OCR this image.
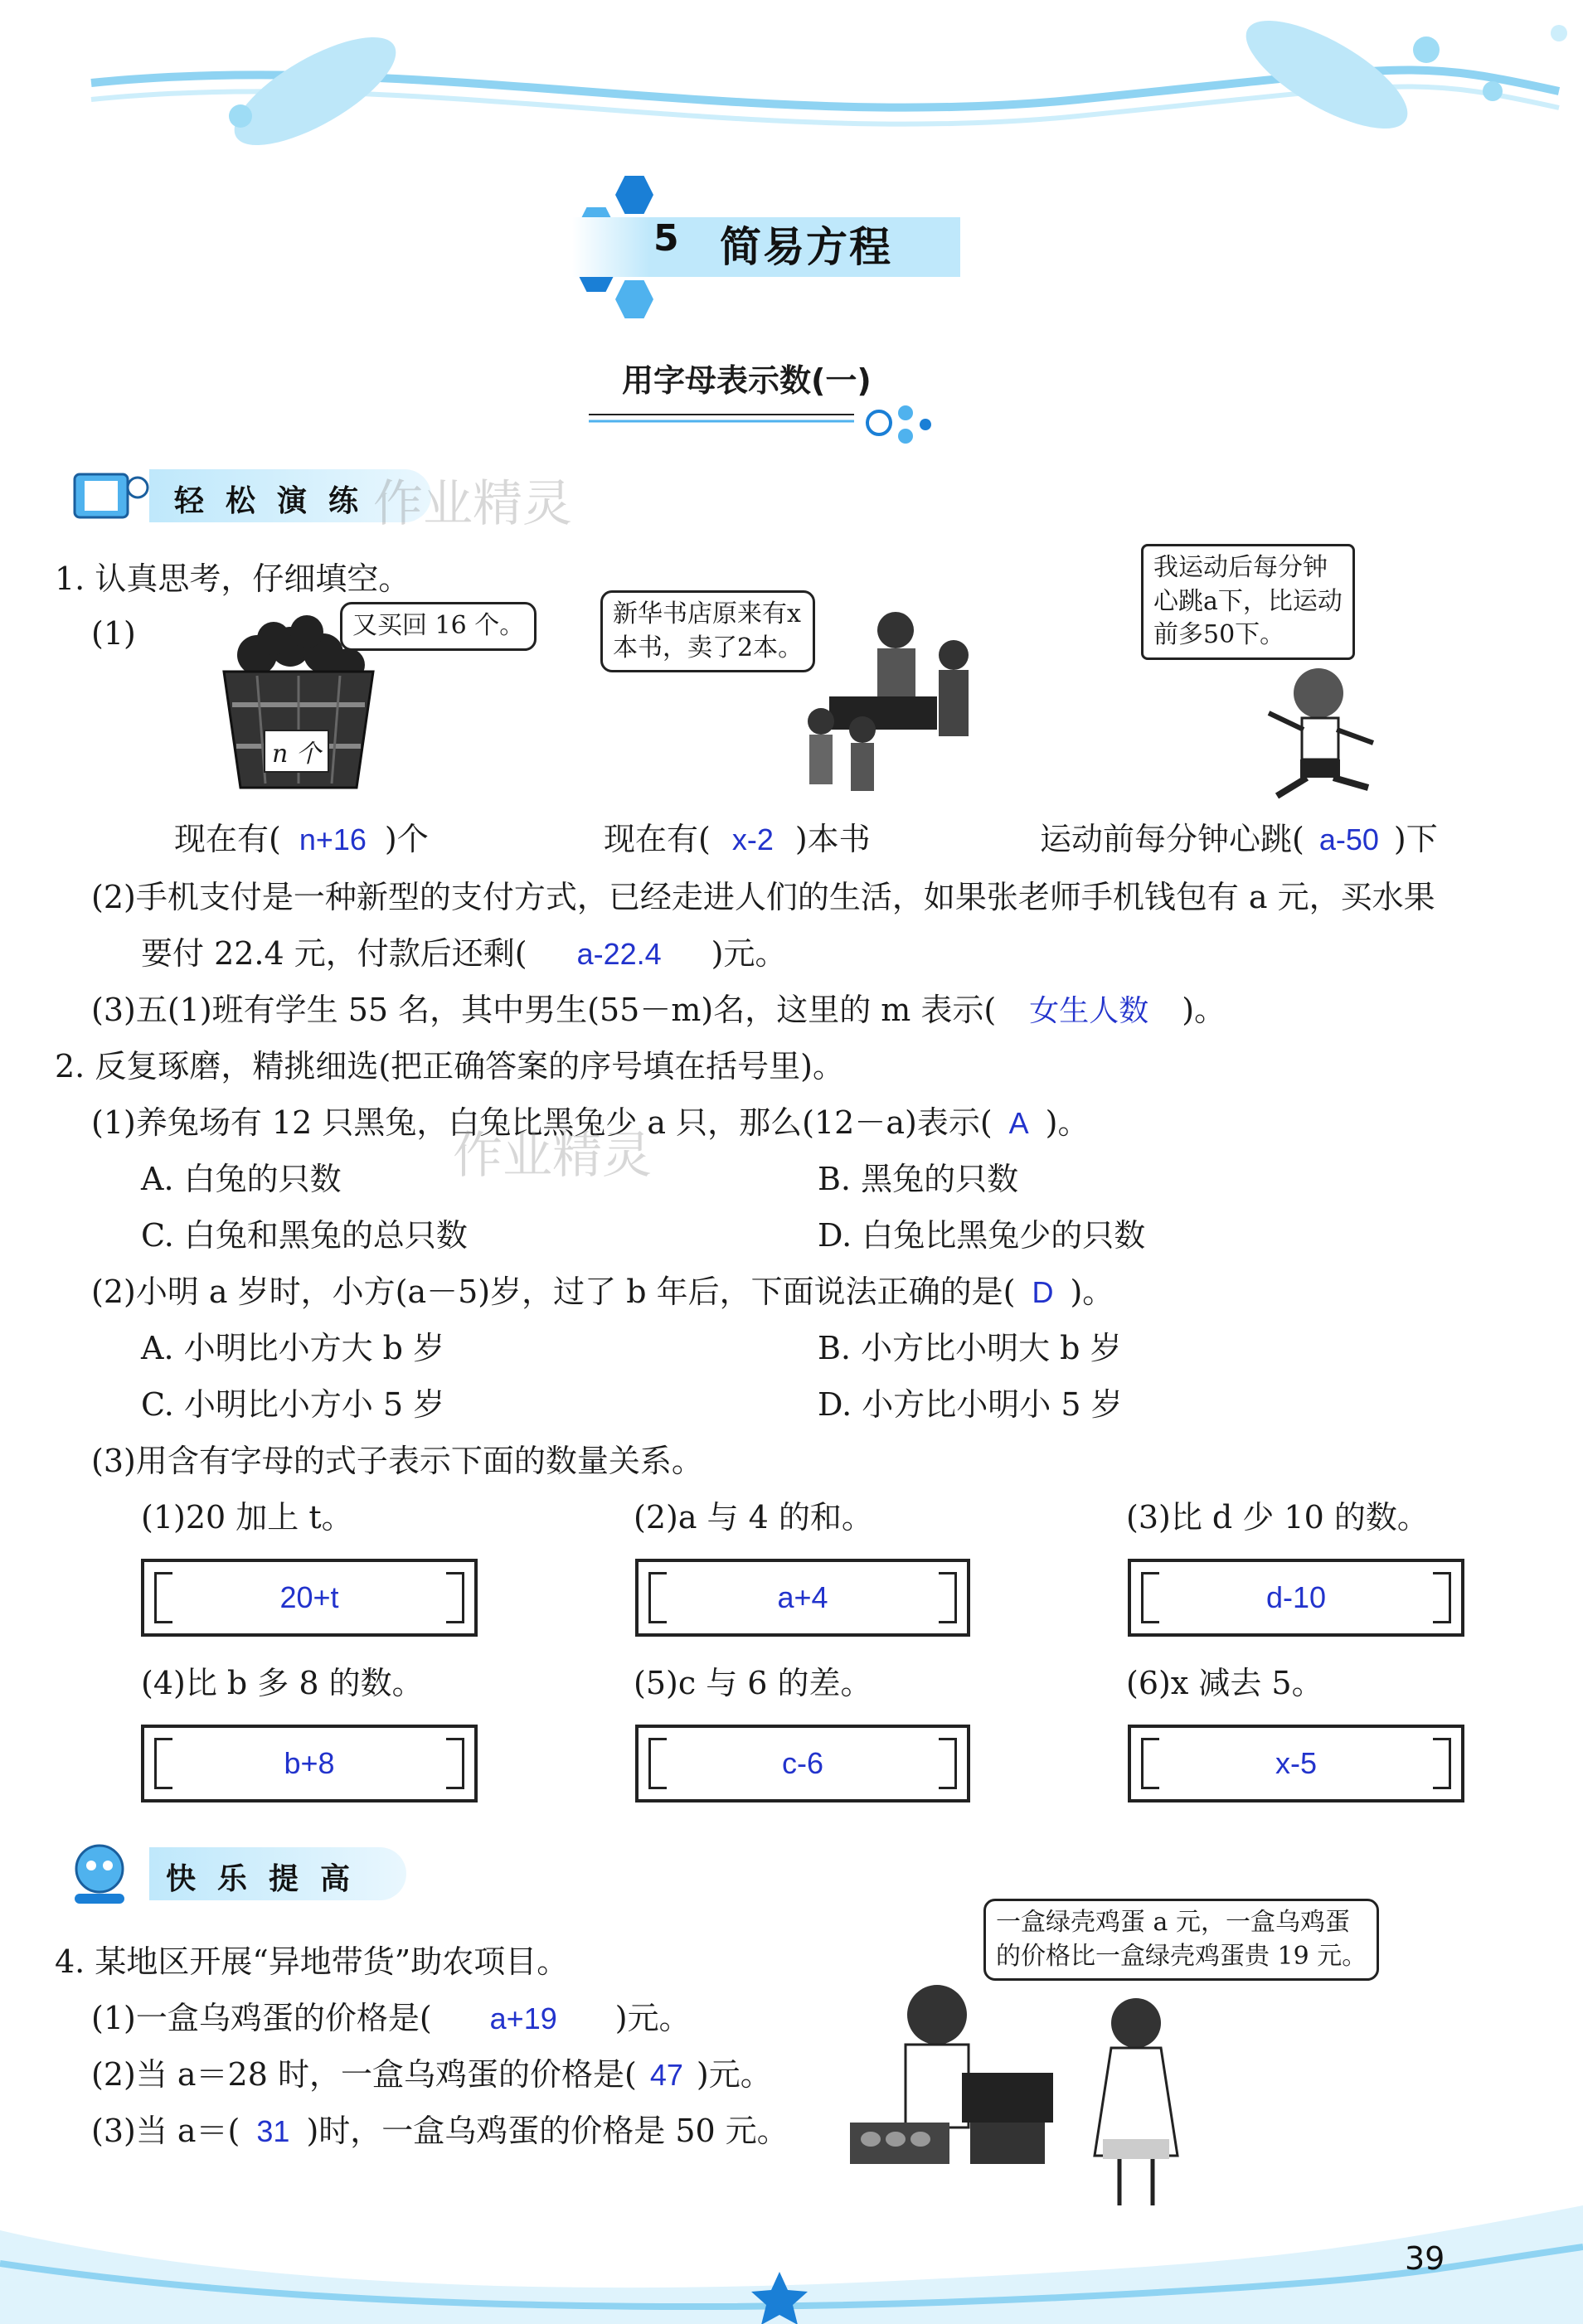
5 简易方程
用字母表示数(一)
轻松演练
作业精灵
1. 认真思考，仔细填空。
(1)	又买回 16 个。
n 个
新华书店原来有x
本书，卖了2本。
我运动后每分钟
心跳a下，比运动
前多50下。
现在有( n+16 )个	现在有( x-2 )本书	运动前每分钟心跳( a-50 )下
(2)手机支付是一种新型的支付方式，已经走进人们的生活，如果张老师手机钱包有 a 元，买水果
要付 22.4 元，付款后还剩( a-22.4 )元。
(3)五(1)班有学生 55 名，其中男生(55－m)名，这里的 m 表示( 女生人数 )。
2. 反复琢磨，精挑细选(把正确答案的序号填在括号里)。
(1)养兔场有 12 只黑兔，白兔比黑兔少 a 只，那么(12－a)表示( A )。
A. 白兔的只数	B. 黑兔的只数
C. 白兔和黑兔的总只数	D. 白兔比黑兔少的只数
作业精灵
(2)小明 a 岁时，小方(a－5)岁，过了 b 年后，下面说法正确的是( D )。
A. 小明比小方大 b 岁	B. 小方比小明大 b 岁
C. 小明比小方小 5 岁	D. 小方比小明小 5 岁
(3)用含有字母的式子表示下面的数量关系。
(1)20 加上 t。
20+t
(2)a 与 4 的和。
a+4
(3)比 d 少 10 的数。
d-10
(4)比 b 多 8 的数。
b+8
(5)c 与 6 的差。
c-6
(6)x 减去 5。
x-5
快乐提高
4. 某地区开展“异地带货”助农项目。
一盒绿壳鸡蛋 a 元，一盒乌鸡蛋
的价格比一盒绿壳鸡蛋贵 19 元。
(1)一盒乌鸡蛋的价格是( a+19 )元。
(2)当 a＝28 时，一盒乌鸡蛋的价格是( 47 )元。
(3)当 a＝( 31 )时，一盒乌鸡蛋的价格是 50 元。
39
